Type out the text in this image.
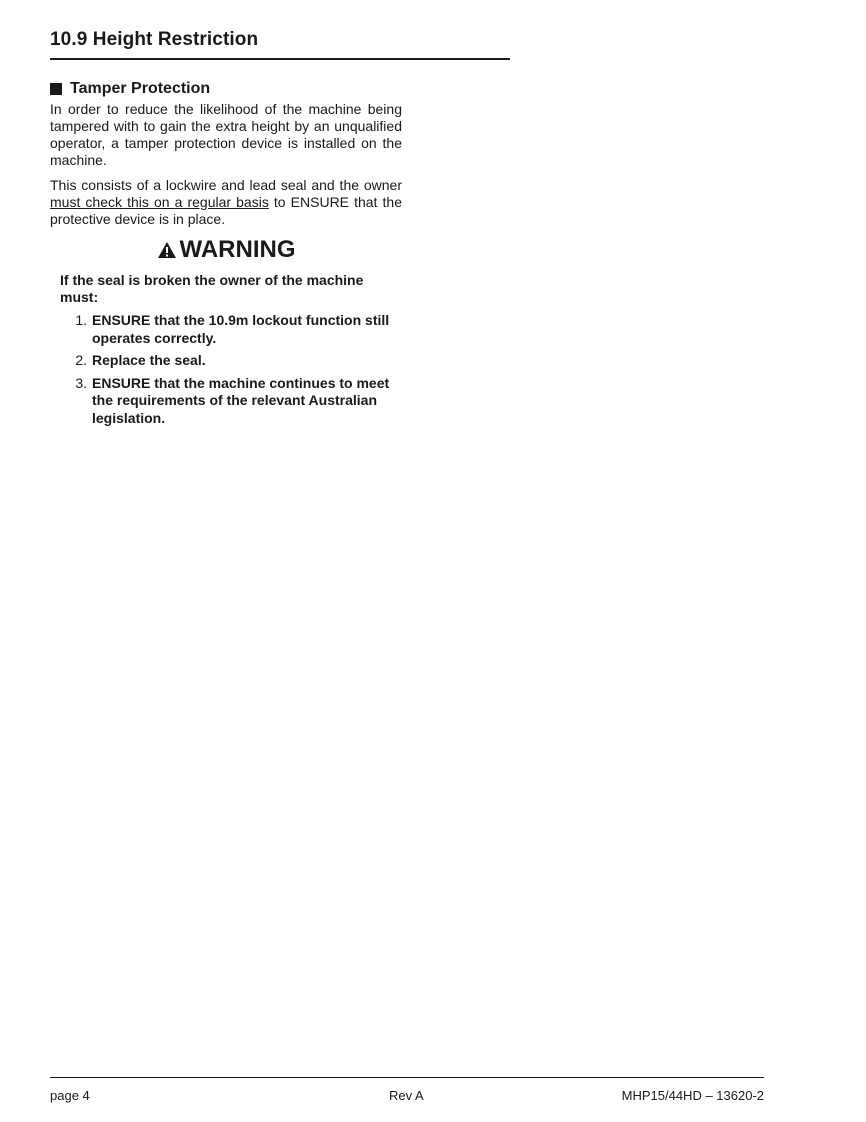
10.9 Height Restriction
Tamper Protection

In order to reduce the likelihood of the machine being tampered with to gain the extra height by an unqualified operator, a tamper protection device is installed on the machine.

This consists of a lockwire and lead seal and the owner must check this on a regular basis to ENSURE that the protective device is in place.

WARNING

If the seal is broken the owner of the machine must:

1. ENSURE that the 10.9m lockout function still operates correctly.
2. Replace the seal.
3. ENSURE that the machine continues to meet the requirements of the relevant Australian legislation.
page 4	Rev A	MHP15/44HD – 13620-2
